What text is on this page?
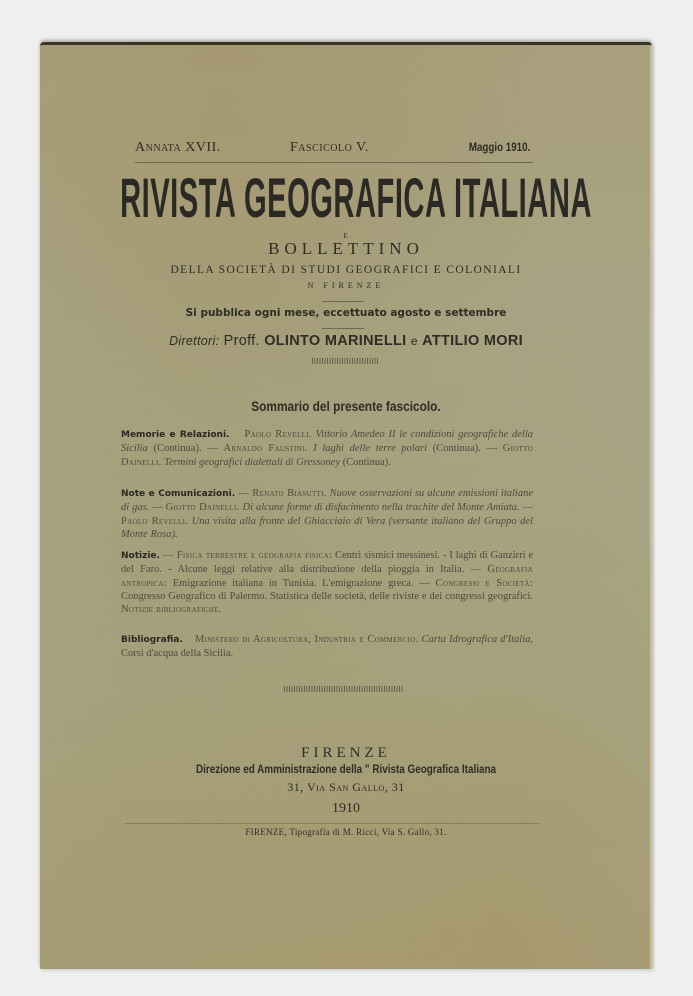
Annata XVII.	Fascicolo V.	Maggio 1910.
RIVISTA GEOGRAFICA ITALIANA
E
BOLLETTINO
DELLA SOCIETÀ DI STUDI GEOGRAFICI E COLONIALI
N FIRENZE
Si pubblica ogni mese, eccettuato agosto e settembre
Direttori: Proff. OLINTO MARINELLI e ATTILIO MORI
Sommario del presente fascicolo.
Memorie e Relazioni. Paolo Revelli. Vittorio Amedeo II le condizioni geografiche della Sicilia (Continua). — Arnaldo Faustini. I laghi delle terre polari (Continua). — Giotto Dainelli. Termini geografici dialettali di Gressoney (Continua).
Note e Comunicazioni. — Renato Biasutti. Nuove osservazioni su alcune emissioni italiane di gas. — Giotto Dainelli. Di alcune forme di disfacimento nella trachite del Monte Amiata. — Paolo Revelli. Una visita alla fronte del Ghiacciaio di Vera (versante italiano del Gruppo del Monte Rosa).
Notizie. — Fisica terrestre e geografia fisica: Centri sismici messinesi. - I laghi di Ganzirri e del Faro. - Alcune leggi relative alla distribuzione della pioggia in Italia. — Geografia antropica: Emigrazione italiana in Tunisia. L'emigrazione greca. — Congressi e Società: Congresso Geografico di Palermo. Statistica delle società, delle riviste e dei congressi geografici. Notizie bibliografiche.
Bibliografia. Ministero di Agricoltura, Industria e Commercio. Carta Idrografica d'Italia, Corsi d'acqua della Sicilia.
FIRENZE
Direzione ed Amministrazione della " Rivista Geografica Italiana
31, Via San Gallo, 31
1910
FIRENZE, Tipografia di M. Ricci, Via S. Gallo, 31.
